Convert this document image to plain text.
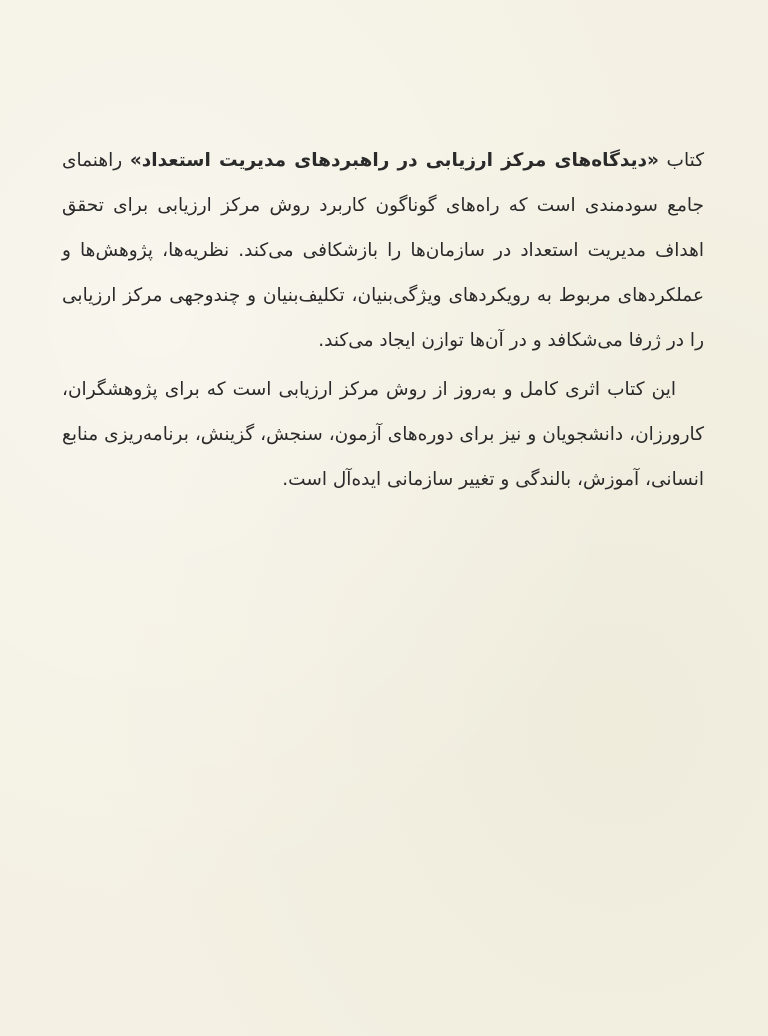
کتاب «دیدگاه‌های مرکز ارزیابی در راهبردهای مدیریت استعداد» راهنمای جامع سودمندی است که راه‌های گوناگون کاربرد روش مرکز ارزیابی برای تحقق اهداف مدیریت استعداد در سازمان‌ها را بازشکافی می‌کند. نظریه‌ها، پژوهش‌ها و عملکردهای مربوط به رویکردهای ویژگی‌بنیان، تکلیف‌بنیان و چندوجهی مرکز ارزیابی را در ژرفا می‌شکافد و در آن‌ها توازن ایجاد می‌کند.

این کتاب اثری کامل و به‌روز از روش مرکز ارزیابی است که برای پژوهشگران، کارورزان، دانشجویان و نیز برای دوره‌های آزمون، سنجش، گزینش، برنامه‌ریزی منابع انسانی، آموزش، بالندگی و تغییر سازمانی ایده‌آل است.
